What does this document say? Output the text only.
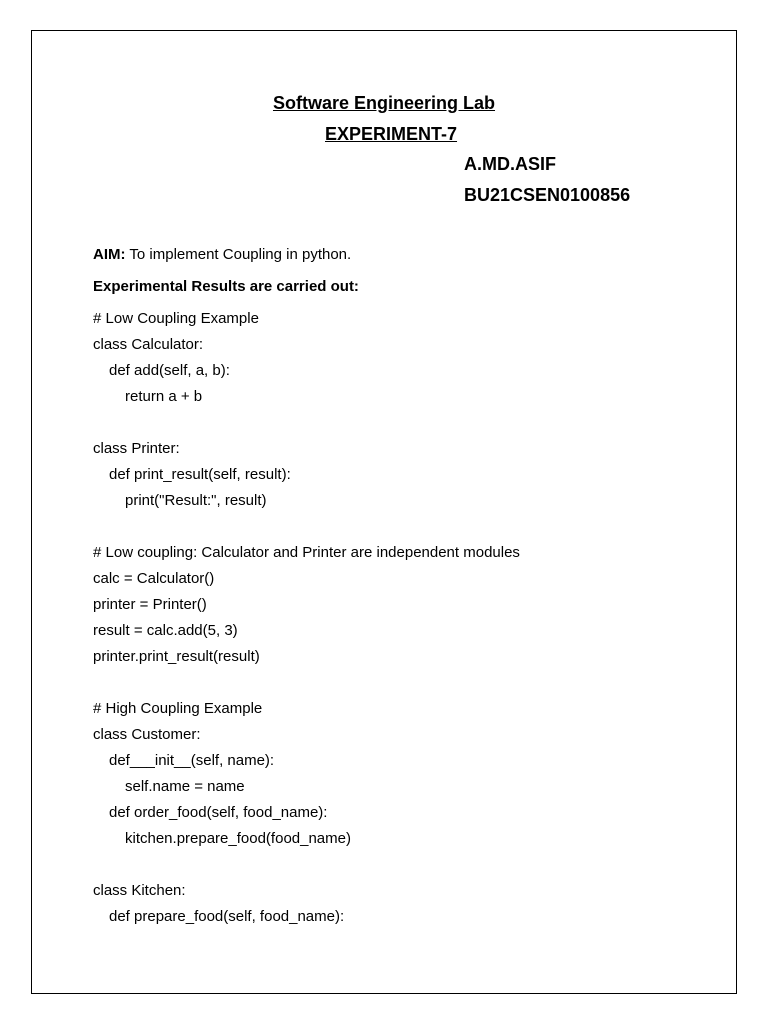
Software Engineering Lab
EXPERIMENT-7
A.MD.ASIF
BU21CSEN0100856
AIM: To implement Coupling in python.
Experimental Results are carried out:
# Low Coupling Example
class Calculator:
def add(self, a, b):
return a + b
class Printer:
def print_result(self, result):
print("Result:", result)
# Low coupling: Calculator and Printer are independent modules
calc = Calculator()
printer = Printer()
result = calc.add(5, 3)
printer.print_result(result)
# High Coupling Example
class Customer:
def___init__(self, name):
self.name = name
def order_food(self, food_name):
kitchen.prepare_food(food_name)
class Kitchen:
def prepare_food(self, food_name):
